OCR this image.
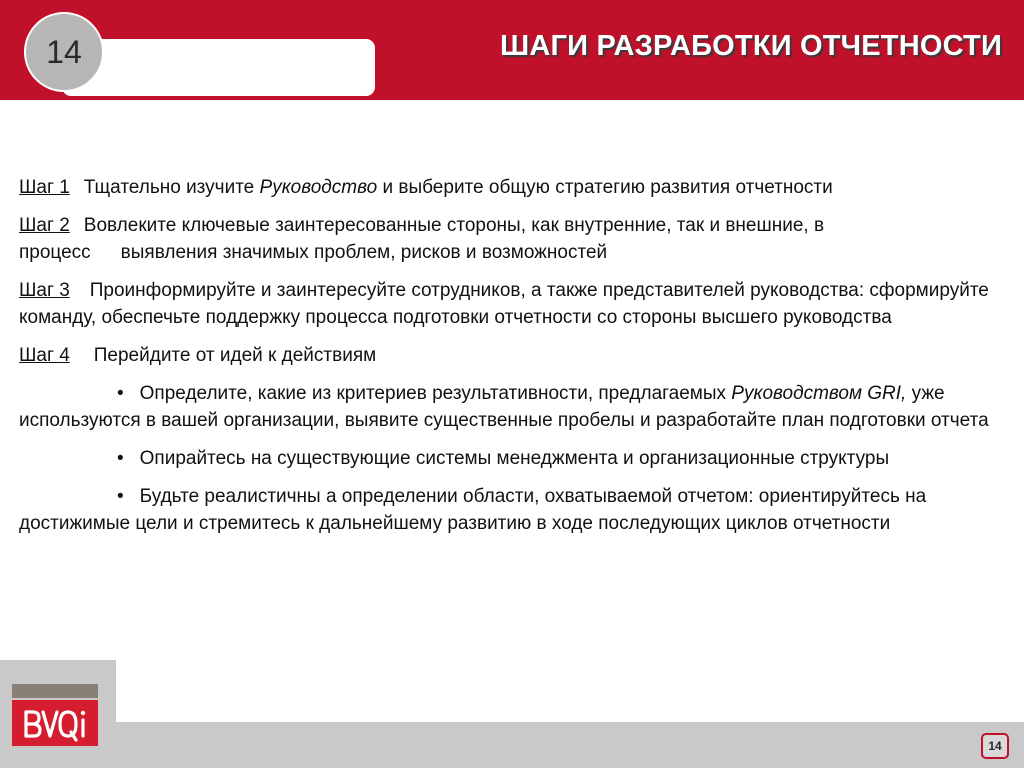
14	ШАГИ РАЗРАБОТКИ ОТЧЕТНОСТИ

Шаг 1 Тщательно изучите Руководство и выберите общую стратегию развития отчетности

Шаг 2 Вовлеките ключевые заинтересованные стороны, как внутренние, так и внешние, в
процесс выявления значимых проблем, рисков и возможностей

Шаг 3 Проинформируйте и заинтересуйте сотрудников, а также представителей руководства: сформируйте команду, обеспечьте поддержку процесса подготовки отчетности со стороны высшего руководства

Шаг 4 Перейдите от идей к действиям

• Определите, какие из критериев результативности, предлагаемых Руководством GRI, уже используются в вашей организации, выявите существенные пробелы и разработайте план подготовки отчета

• Опирайтесь на существующие системы менеджмента и организационные структуры

• Будьте реалистичны а определении области, охватываемой отчетом: ориентируйтесь на достижимые цели и стремитесь к дальнейшему развитию в ходе последующих циклов отчетности

14
